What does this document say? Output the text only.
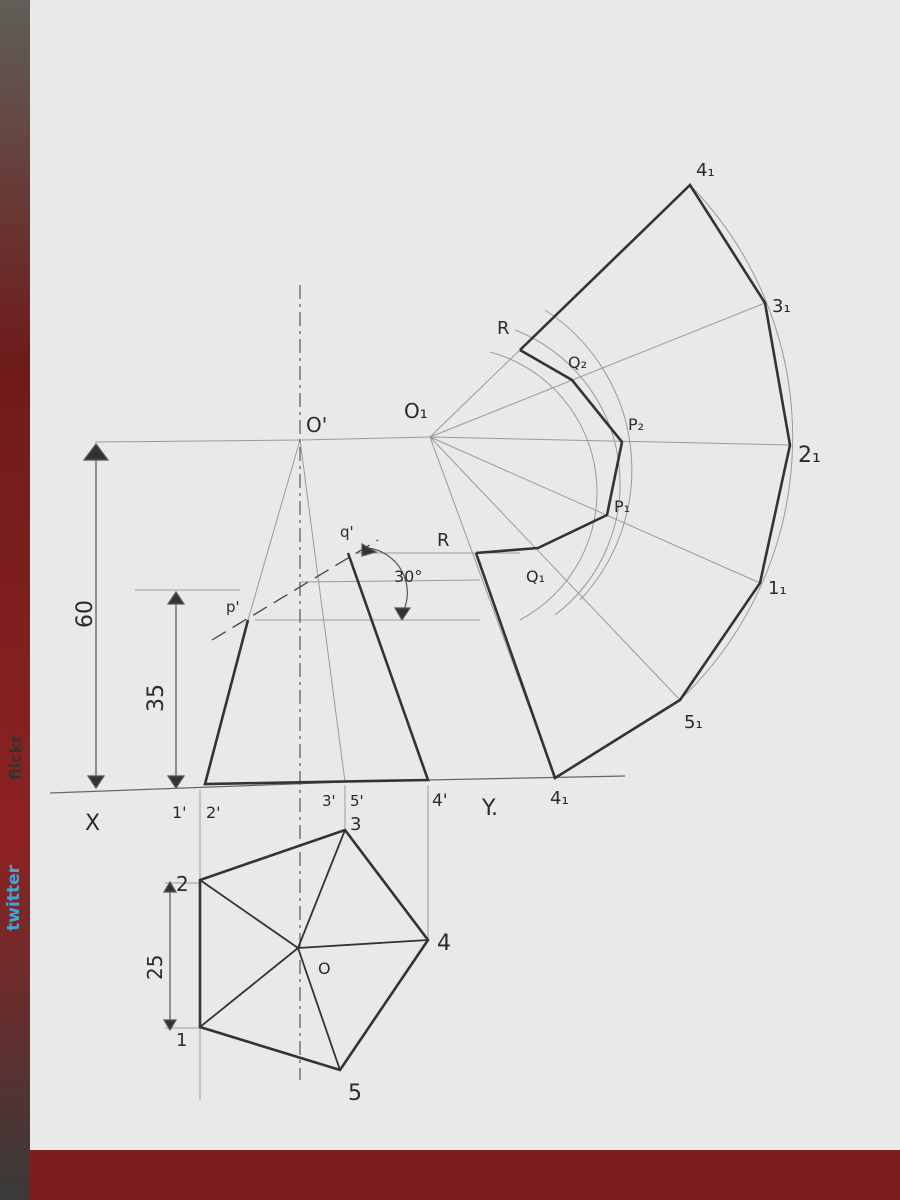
flickr
twitter
X
Y.
O'
p'
q'
30°
1' 2'
3' 5'	4'
1
2
3
4
5
O
60
35
25
O₁
4₁
3₁
2₁
1₁
5₁
4₁
R
Q₂
P₂
P₁
Q₁
R
